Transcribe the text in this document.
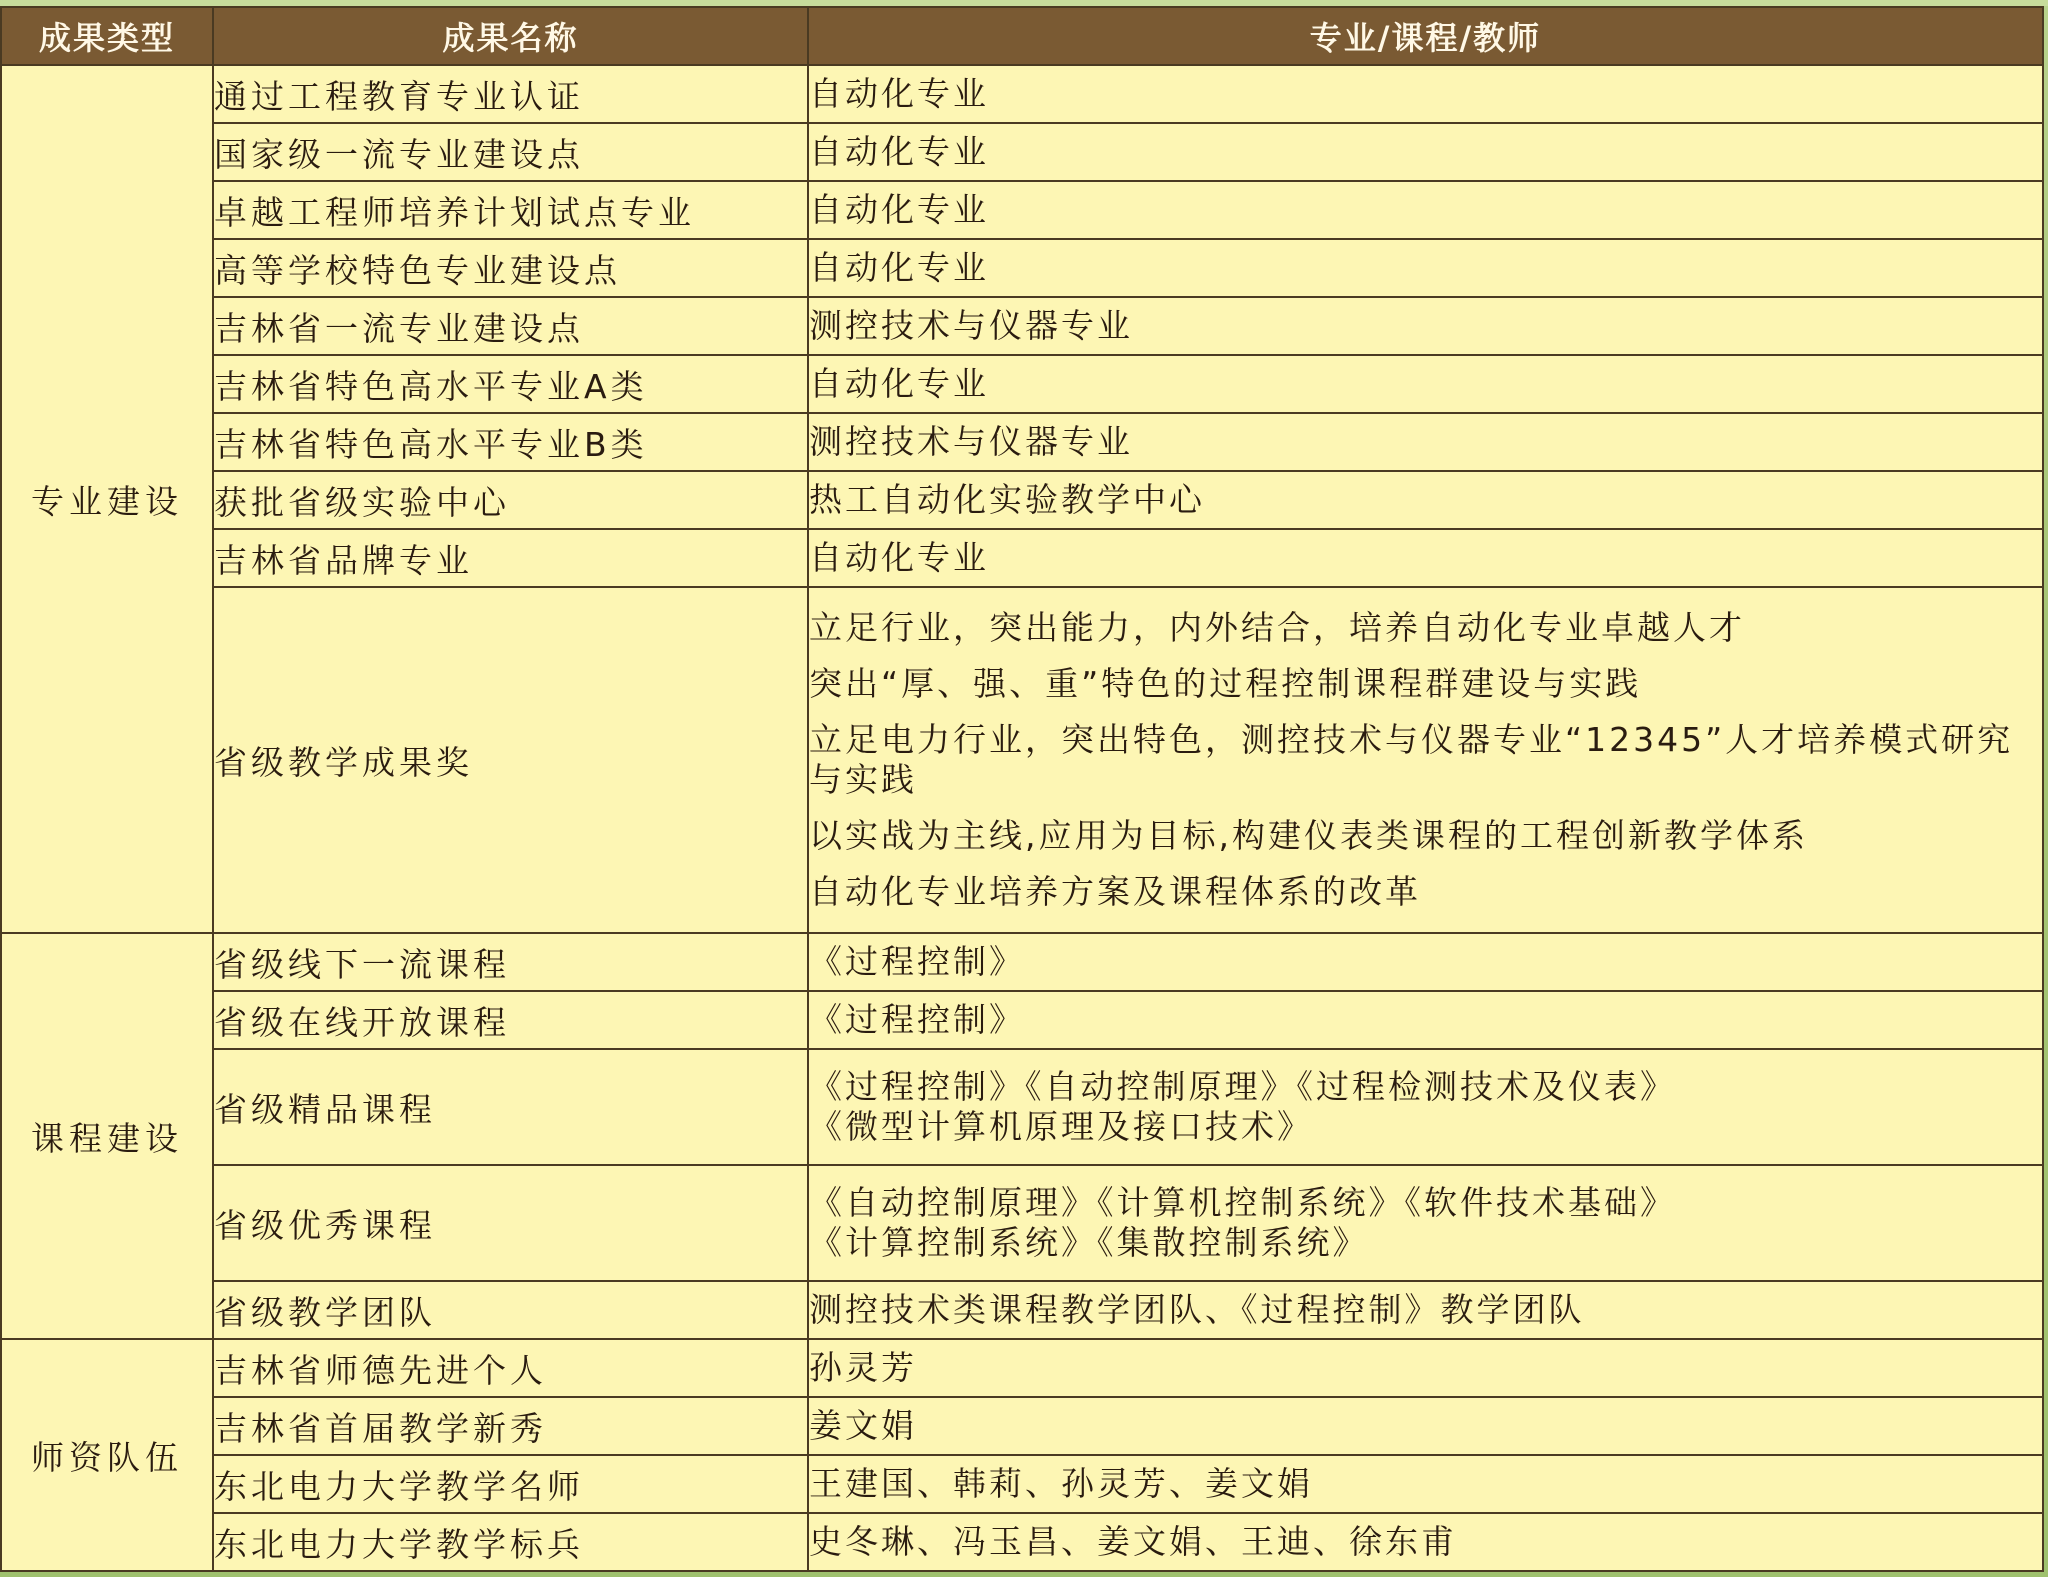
成果类型	成果名称	专业/课程/教师
专业建设	通过工程教育专业认证	自动化专业
	国家级一流专业建设点	自动化专业
	卓越工程师培养计划试点专业	自动化专业
	高等学校特色专业建设点	自动化专业
	吉林省一流专业建设点	测控技术与仪器专业
	吉林省特色高水平专业A类	自动化专业
	吉林省特色高水平专业B类	测控技术与仪器专业
	获批省级实验中心	热工自动化实验教学中心
	吉林省品牌专业	自动化专业
	省级教学成果奖	立足行业，突出能力，内外结合，培养自动化专业卓越人才
突出“厚、强、重”特色的过程控制课程群建设与实践
立足电力行业，突出特色，测控技术与仪器专业“12345”人才培养模式研究与实践
以实战为主线,应用为目标,构建仪表类课程的工程创新教学体系
自动化专业培养方案及课程体系的改革

课程建设	省级线下一流课程	《过程控制》
	省级在线开放课程	《过程控制》
	省级精品课程	《过程控制》《自动控制原理》《过程检测技术及仪表》
《微型计算机原理及接口技术》

	省级优秀课程	《自动控制原理》《计算机控制系统》《软件技术基础》
《计算控制系统》《集散控制系统》

	省级教学团队	测控技术类课程教学团队、《过程控制》教学团队
师资队伍	吉林省师德先进个人	孙灵芳
	吉林省首届教学新秀	姜文娟
	东北电力大学教学名师	王建国、韩莉、孙灵芳、姜文娟
	东北电力大学教学标兵	史冬琳、冯玉昌、姜文娟、王迪、徐东甫
